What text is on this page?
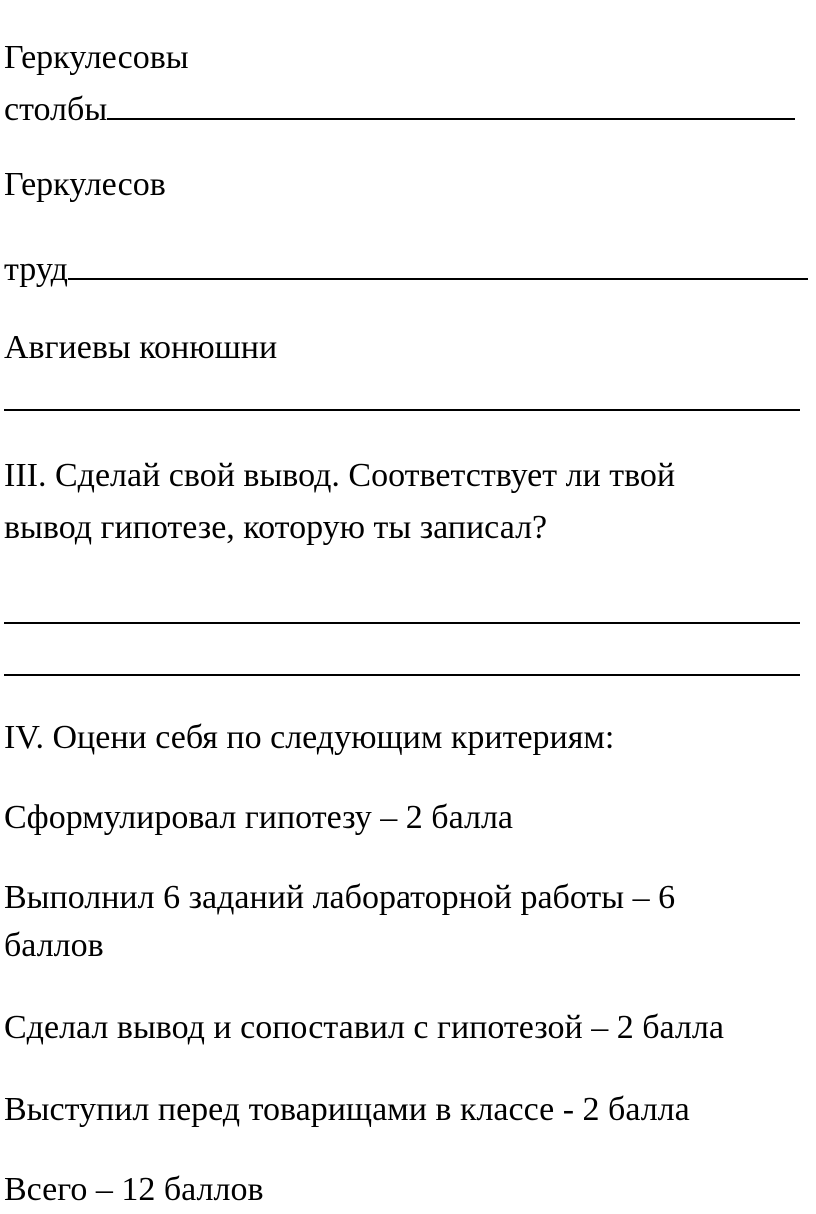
Геркулесовы
столбы
Геркулесов
труд
Авгиевы конюшни
III. Сделай свой вывод. Соответствует ли твой
вывод гипотезе, которую ты записал?
IV. Оцени себя по следующим критериям:
Сформулировал гипотезу – 2 балла
Выполнил 6 заданий лабораторной работы – 6
баллов
Сделал вывод и сопоставил с гипотезой – 2 балла
Выступил перед товарищами в классе - 2 балла
Всего – 12 баллов
